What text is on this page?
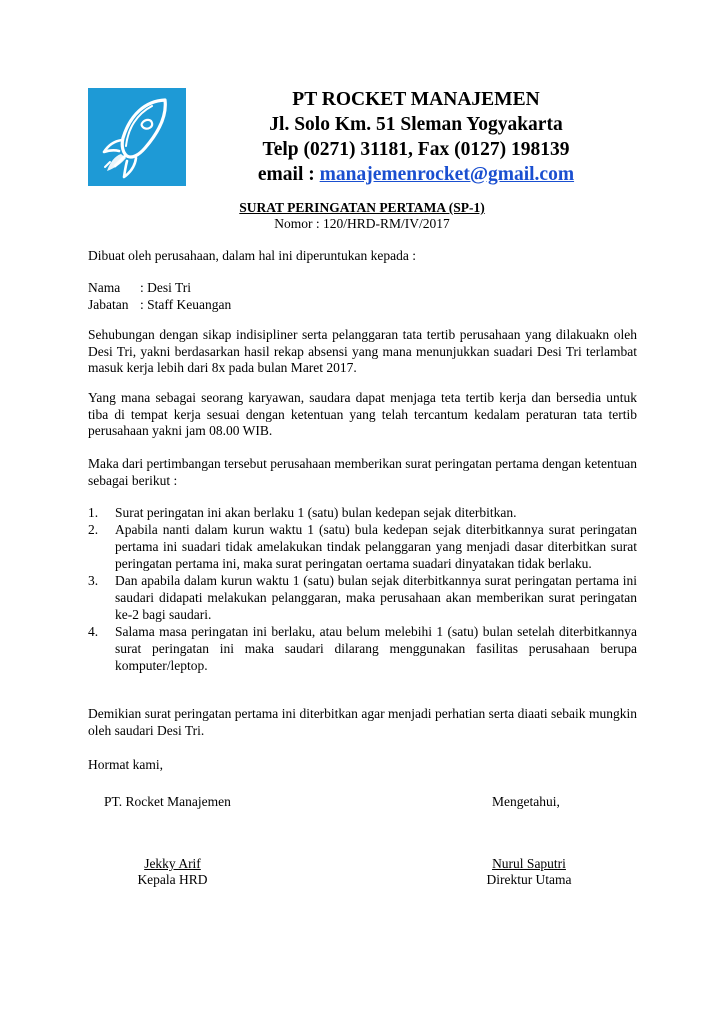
PT ROCKET MANAJEMEN
Jl. Solo Km. 51 Sleman Yogyakarta
Telp (0271) 31181, Fax (0127) 198139
email : manajemenrocket@gmail.com
SURAT PERINGATAN PERTAMA (SP-1)
Nomor : 120/HRD-RM/IV/2017
Dibuat oleh perusahaan, dalam hal ini diperuntukan kepada :
Nama : Desi Tri
Jabatan : Staff Keuangan
Sehubungan dengan sikap indisipliner serta pelanggaran tata tertib perusahaan yang dilakuakn oleh Desi Tri, yakni berdasarkan hasil rekap absensi yang mana menunjukkan suadari Desi Tri terlambat masuk kerja lebih dari 8x pada bulan Maret 2017.
Yang mana sebagai seorang karyawan, saudara dapat menjaga teta tertib kerja dan bersedia untuk tiba di tempat kerja sesuai dengan ketentuan yang telah tercantum kedalam peraturan tata tertib perusahaan yakni jam 08.00 WIB.
Maka dari pertimbangan tersebut perusahaan memberikan surat peringatan pertama dengan ketentuan sebagai berikut :
1. Surat peringatan ini akan berlaku 1 (satu) bulan kedepan sejak diterbitkan.
2. Apabila nanti dalam kurun waktu 1 (satu) bula kedepan sejak diterbitkannya surat peringatan pertama ini suadari tidak amelakukan tindak pelanggaran yang menjadi dasar diterbitkan surat peringatan pertama ini, maka surat peringatan oertama suadari dinyatakan tidak berlaku.
3. Dan apabila dalam kurun waktu 1 (satu) bulan sejak diterbitkannya surat peringatan pertama ini saudari didapati melakukan pelanggaran, maka perusahaan akan memberikan surat peringatan ke-2 bagi saudari.
4. Salama masa peringatan ini berlaku, atau belum melebihi 1 (satu) bulan setelah diterbitkannya surat peringatan ini maka saudari dilarang menggunakan fasilitas perusahaan berupa komputer/leptop.
Demikian surat peringatan pertama ini diterbitkan agar menjadi perhatian serta diaati sebaik mungkin oleh saudari Desi Tri.
Hormat kami,
PT. Rocket Manajemen	Mengetahui,
Jekky Arif
Kepala HRD
Nurul Saputri
Direktur Utama
